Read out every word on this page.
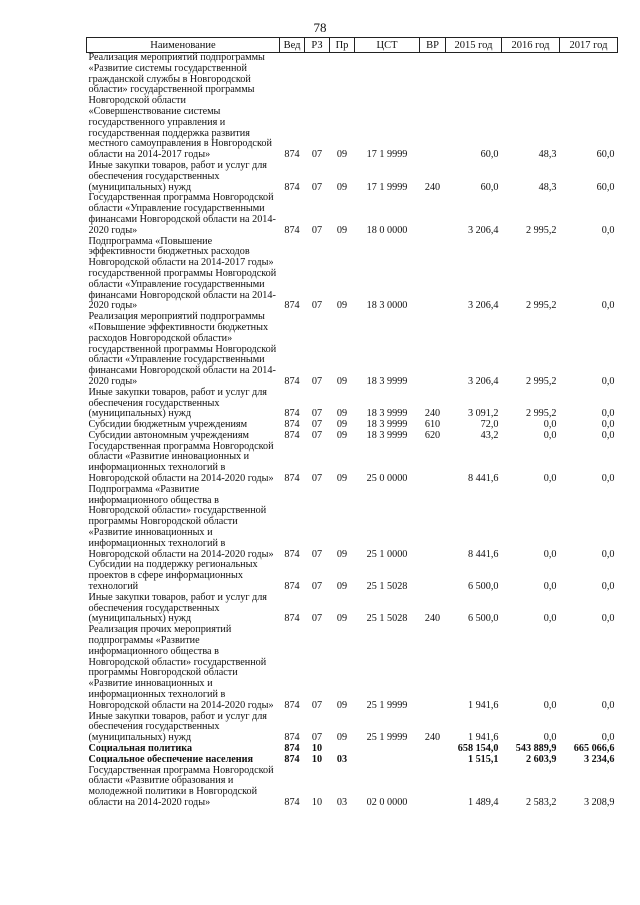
78
Наименование	Вед	РЗ	Пр	ЦСТ	ВР	2015 год	2016 год	2017 год
Реализация мероприятий подпрограммы «Развитие системы государственной гражданской службы в Новгородской области» государственной программы Новгородской области «Совершенствование системы государственного управления и государственная поддержка развития местного самоуправления в Новгородской области на 2014-2017 годы»	874	07	09	17 1 9999		60,0	48,3	60,0
Иные закупки товаров, работ и услуг для обеспечения государственных (муниципальных) нужд	874	07	09	17 1 9999	240	60,0	48,3	60,0
Государственная программа Новгородской области «Управление государственными финансами Новгородской области на 2014-2020 годы»	874	07	09	18 0 0000		3 206,4	2 995,2	0,0
Подпрограмма «Повышение эффективности бюджетных расходов Новгородской области на 2014-2017 годы» государственной программы Новгородской области «Управление государственными финансами Новгородской области на 2014-2020 годы»	874	07	09	18 3 0000		3 206,4	2 995,2	0,0
Реализация мероприятий подпрограммы «Повышение эффективности бюджетных расходов Новгородской области» государственной программы Новгородской области «Управление государственными финансами Новгородской области на 2014-2020 годы»	874	07	09	18 3 9999		3 206,4	2 995,2	0,0
Иные закупки товаров, работ и услуг для обеспечения государственных (муниципальных) нужд	874	07	09	18 3 9999	240	3 091,2	2 995,2	0,0
Субсидии бюджетным учреждениям	874	07	09	18 3 9999	610	72,0	0,0	0,0
Субсидии автономным учреждениям	874	07	09	18 3 9999	620	43,2	0,0	0,0
Государственная программа Новгородской области «Развитие инновационных и информационных технологий в Новгородской области на 2014-2020 годы»	874	07	09	25 0 0000		8 441,6	0,0	0,0
Подпрограмма «Развитие информационного общества в Новгородской области» государственной программы Новгородской области «Развитие инновационных и информационных технологий в Новгородской области на 2014-2020 годы»	874	07	09	25 1 0000		8 441,6	0,0	0,0
Субсидии на поддержку региональных проектов в сфере информационных технологий	874	07	09	25 1 5028		6 500,0	0,0	0,0
Иные закупки товаров, работ и услуг для обеспечения государственных (муниципальных) нужд	874	07	09	25 1 5028	240	6 500,0	0,0	0,0
Реализация прочих мероприятий подпрограммы «Развитие информационного общества в Новгородской области» государственной программы Новгородской области «Развитие инновационных и информационных технологий в Новгородской области на 2014-2020 годы»	874	07	09	25 1 9999		1 941,6	0,0	0,0
Иные закупки товаров, работ и услуг для обеспечения государственных (муниципальных) нужд	874	07	09	25 1 9999	240	1 941,6	0,0	0,0
Социальная политика	874	10				658 154,0	543 889,9	665 066,6
Социальное обеспечение населения	874	10	03			1 515,1	2 603,9	3 234,6
Государственная программа Новгородской области «Развитие образования и молодежной политики в Новгородской области на 2014-2020 годы»	874	10	03	02 0 0000		1 489,4	2 583,2	3 208,9
